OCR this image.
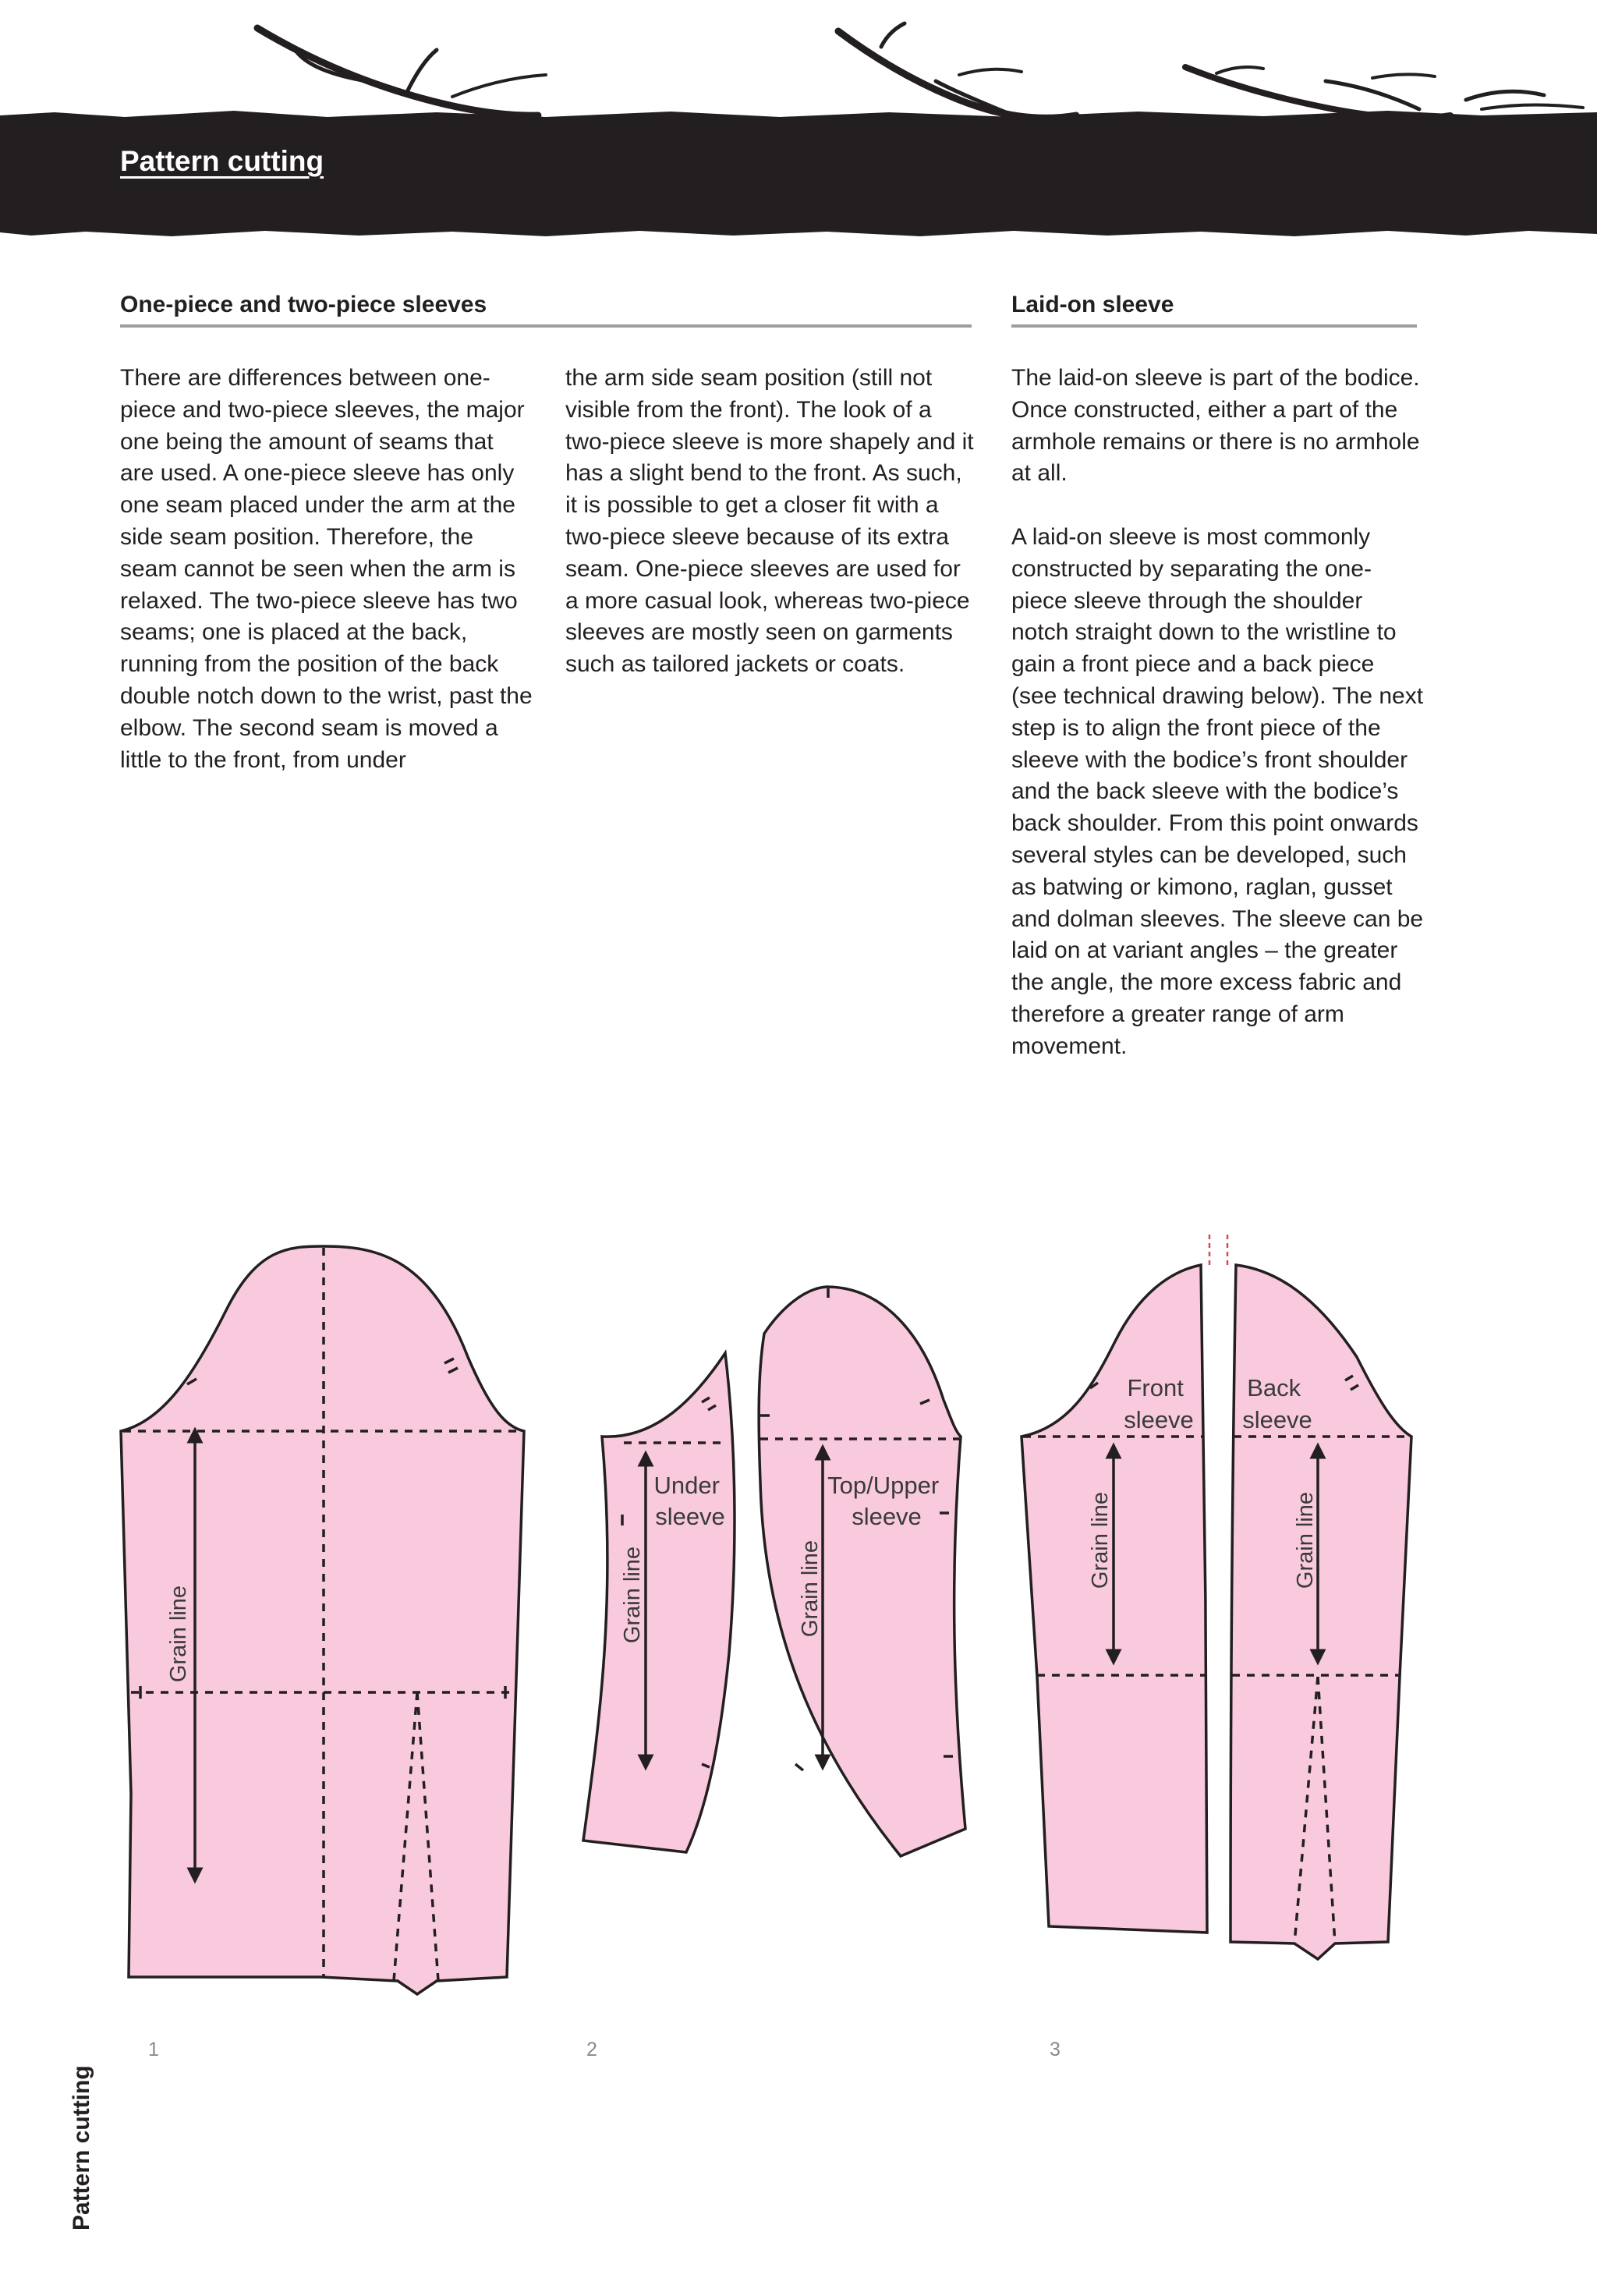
Pattern cutting
One-piece and two-piece sleeves	Laid-on sleeve

There are differences between one-piece and two-piece sleeves, the major one being the amount of seams that are used. A one-piece sleeve has only one seam placed under the arm at the side seam position. Therefore, the seam cannot be seen when the arm is relaxed. The two-piece sleeve has two seams; one is placed at the back, running from the position of the back double notch down to the wrist, past the elbow. The second seam is moved a little to the front, from under

the arm side seam position (still not visible from the front). The look of a two-piece sleeve is more shapely and it has a slight bend to the front. As such, it is possible to get a closer fit with a two-piece sleeve because of its extra seam. One-piece sleeves are used for a more casual look, whereas two-piece sleeves are mostly seen on garments such as tailored jackets or coats.

The laid-on sleeve is part of the bodice. Once constructed, either a part of the armhole remains or there is no armhole at all.

A laid-on sleeve is most commonly constructed by separating the one-piece sleeve through the shoulder notch straight down to the wristline to gain a front piece and a back piece (see technical drawing below). The next step is to align the front piece of the sleeve with the bodice’s front shoulder and the back sleeve with the bodice’s back shoulder. From this point onwards several styles can be developed, such as batwing or kimono, raglan, gusset and dolman sleeves. The sleeve can be laid on at variant angles – the greater the angle, the more excess fabric and therefore a greater range of arm movement.

Grain line	Grain line
Under sleeve
Grain line
Top/Upper sleeve	Grain line	Grain line
Front sleeve
Back sleeve
1	2	3

Pattern cutting
